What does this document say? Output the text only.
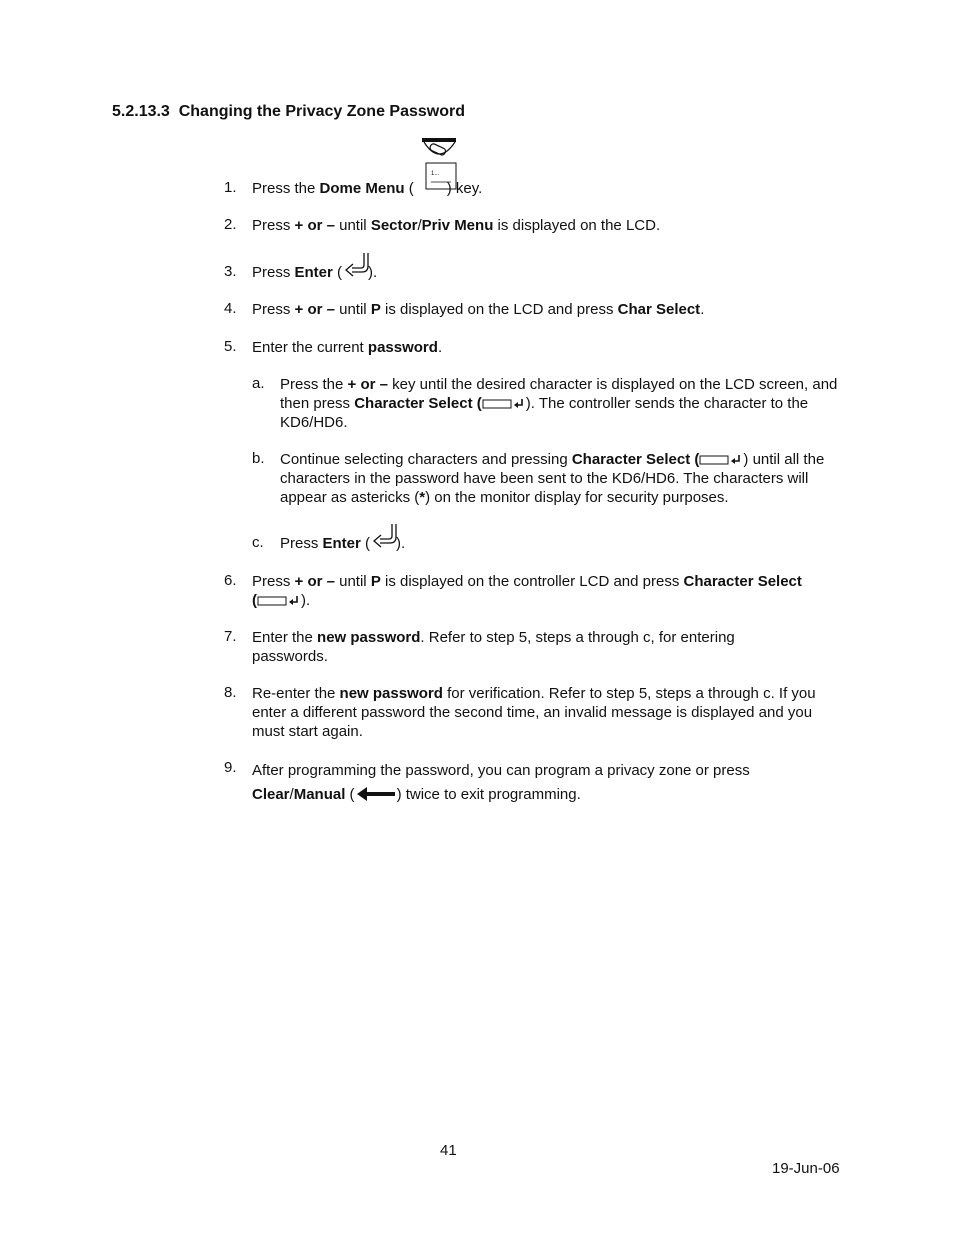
5.2.13.3 Changing the Privacy Zone Password
1. Press the Dome Menu ( ) key.
1...
2. Press + or – until Sector/Priv Menu is displayed on the LCD.
3. Press Enter ( ).
4. Press + or – until P is displayed on the LCD and press Char Select.
5. Enter the current password.
a. Press the + or – key until the desired character is displayed on the LCD screen, and then press Character Select (	). The controller sends the character to the KD6/HD6.
b. Continue selecting characters and pressing Character Select (	) until all the characters in the password have been sent to the KD6/HD6. The characters will appear as astericks (*) on the monitor display for security purposes.
c. Press Enter ( ).
6. Press + or – until P is displayed on the controller LCD and press Character Select
(	).
7. Enter the new password. Refer to step 5, steps a through c, for entering passwords.
8. Re-enter the new password for verification. Refer to step 5, steps a through c. If you enter a different password the second time, an invalid message is displayed and you must start again.
9. After programming the password, you can program a privacy zone or press
Clear/Manual (	) twice to exit programming.
41
19-Jun-06
